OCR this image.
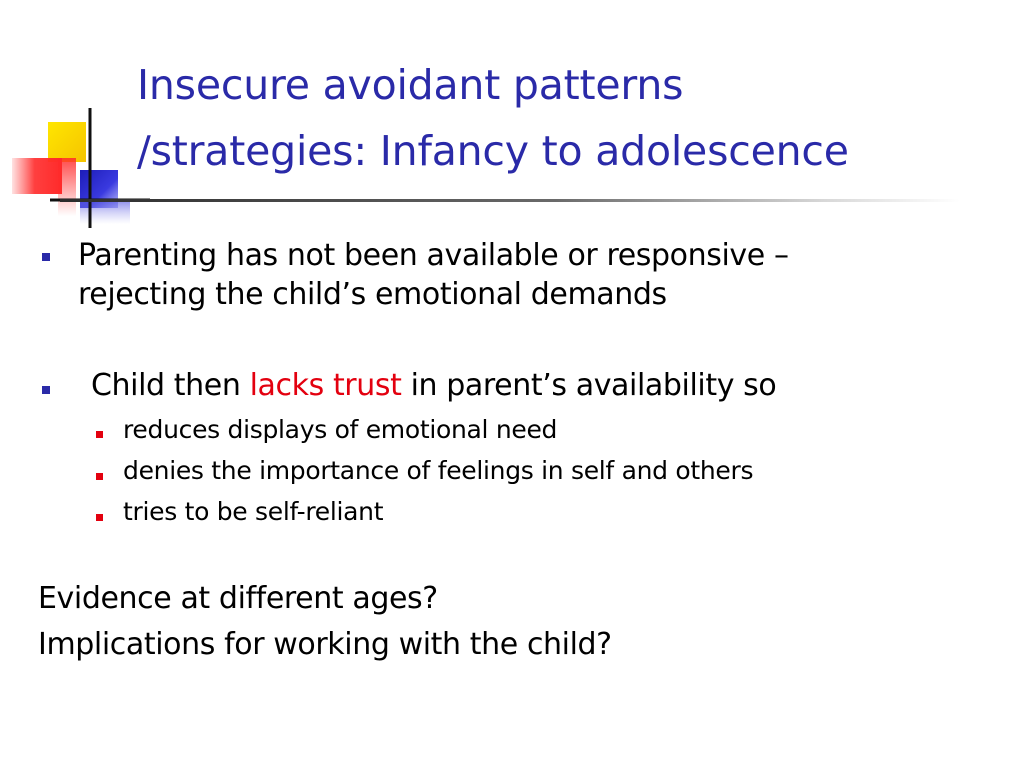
Insecure avoidant patterns
/strategies: Infancy to adolescence
Parenting has not been available or responsive –
rejecting the child’s emotional demands
Child then lacks trust in parent’s availability so
reduces displays of emotional need
denies the importance of feelings in self and others
tries to be self-reliant
Evidence at different ages?
Implications for working with the child?
